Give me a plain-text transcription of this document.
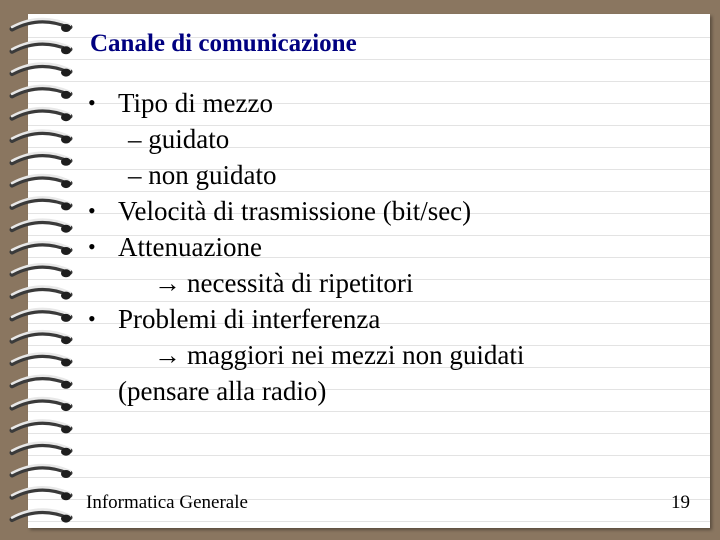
Canale di comunicazione
• Tipo di mezzo
– guidato
– non guidato
• Velocità di trasmissione (bit/sec)
• Attenuazione
→ necessità di ripetitori
• Problemi di interferenza
→ maggiori nei mezzi non guidati
(pensare alla radio)
Informatica Generale	19
